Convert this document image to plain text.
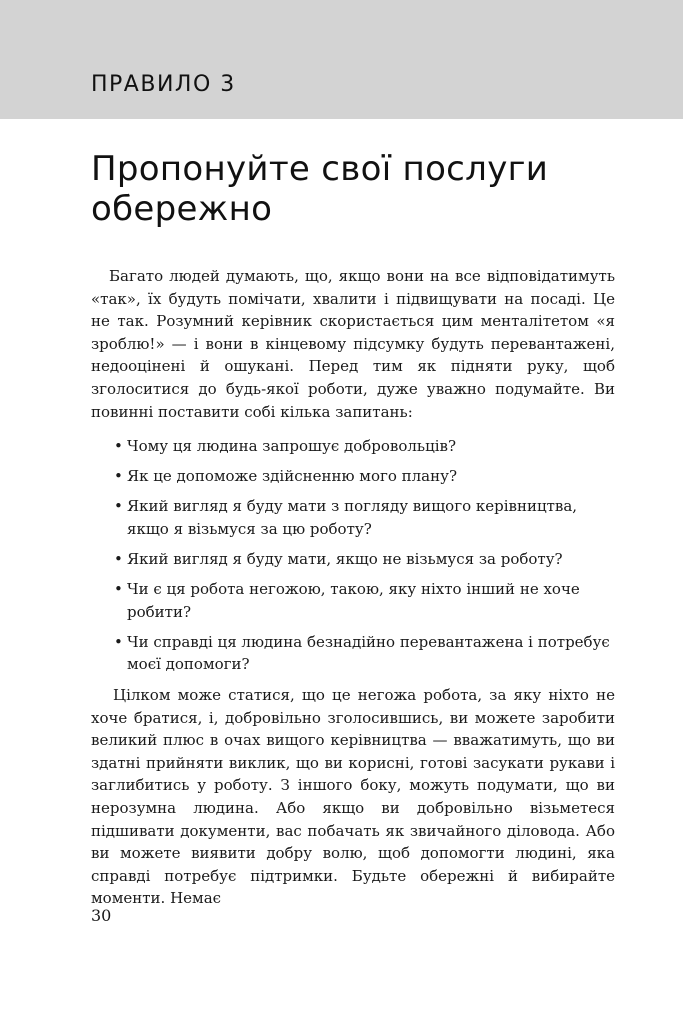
ПРАВИЛО 3
Пропонуйте свої послуги обережно

Багато людей думають, що, якщо вони на все відповідатимуть «так», їх будуть помічати, хвалити і підвищувати на посаді. Це не так. Розумний керівник скористається цим менталітетом «я зроблю!» — і вони в кінцевому підсумку будуть перевантажені, недооцінені й ошукані. Перед тим як підняти руку, щоб зголоситися до будь-якої роботи, дуже уважно подумайте. Ви повинні поставити собі кілька запитань:

• Чому ця людина запрошує добровольців?
• Як це допоможе здійсненню мого плану?
• Який вигляд я буду мати з погляду вищого керівництва, якщо я візьмуся за цю роботу?
• Який вигляд я буду мати, якщо не візьмуся за роботу?
• Чи є ця робота негожою, такою, яку ніхто інший не хоче робити?
• Чи справді ця людина безнадійно перевантажена і потребує моєї допомоги?

Цілком може статися, що це негожа робота, за яку ніхто не хоче братися, і, добровільно зголосившись, ви можете заробити великий плюс в очах вищого керівництва — вважатимуть, що ви здатні прийняти виклик, що ви корисні, готові засукати рукави і заглибитись у роботу. З іншого боку, можуть подумати, що ви нерозумна людина. Або якщо ви добровільно візьметеся підшивати документи, вас побачать як звичайного діловода. Або ви можете виявити добру волю, щоб допомогти людині, яка справді потребує підтримки. Будьте обережні й вибирайте моменти. Немає

30
